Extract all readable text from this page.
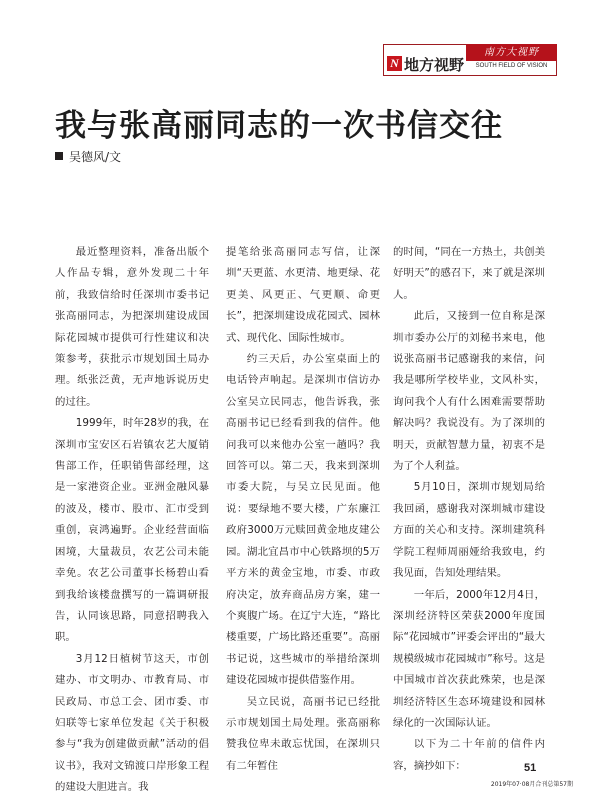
N 地方视野
南方大视野
SOUTH FIELD OF VISION
我与张高丽同志的一次书信交往
吴德风/文

最近整理资料，准备出版个人作品专辑，意外发现二十年前，我致信给时任深圳市委书记张高丽同志，为把深圳建设成国际花园城市提供可行性建议和决策参考，获批示市规划国土局办理。纸张泛黄，无声地诉说历史的过往。

1999年，时年28岁的我，在深圳市宝安区石岩镇农艺大厦销售部工作，任职销售部经理，这是一家港资企业。亚洲金融风暴的波及，楼市、股市、汇市受到重创，哀鸿遍野。企业经营面临困境，大量裁员，农艺公司未能幸免。农艺公司董事长杨碧山看到我给该楼盘撰写的一篇调研报告，认同该思路，同意招聘我入职。

3月12日植树节这天，市创建办、市文明办、市教育局、市民政局、市总工会、团市委、市妇联等七家单位发起《关于积极参与“我为创建做贡献”活动的倡议书》，我对文锦渡口岸形象工程的建设大胆进言。我

提笔给张高丽同志写信，让深圳“天更蓝、水更清、地更绿、花更美、风更正、气更顺、命更长”，把深圳建设成花园式、园林式、现代化、国际性城市。

约三天后，办公室桌面上的电话铃声响起。是深圳市信访办公室吴立民同志，他告诉我，张高丽书记已经看到我的信件。他问我可以来他办公室一趟吗？我回答可以。第二天，我来到深圳市委大院，与吴立民见面。他说：要绿地不要大楼，广东廉江政府3000万元赎回黄金地皮建公园。湖北宜昌市中心铁路坝的5万平方米的黄金宝地，市委、市政府决定，放弃商品房方案，建一个爽腹广场。在辽宁大连，“路比楼重要，广场比路还重要”。高丽书记说，这些城市的举措给深圳建设花园城市提供借鉴作用。

吴立民说，高丽书记已经批示市规划国土局处理。张高丽称赞我位卑未敢忘忧国，在深圳只有二年暂住

的时间，“同在一方热土，共创美好明天”的感召下，来了就是深圳人。

此后，又接到一位自称是深圳市委办公厅的刘秘书来电，他说张高丽书记感谢我的来信，问我是哪所学校毕业，文风朴实，询问我个人有什么困难需要帮助解决吗？我说没有。为了深圳的明天，贡献智慧力量，初衷不是为了个人利益。

5月10日，深圳市规划局给我回函，感谢我对深圳城市建设方面的关心和支持。深圳建筑科学院工程师周丽娅给我致电，约我见面，告知处理结果。

一年后，2000年12月4日，深圳经济特区荣获2000年度国际“花园城市”评委会评出的“最大规模级城市花园城市”称号。这是中国城市首次获此殊荣，也是深圳经济特区生态环境建设和园林绿化的一次国际认证。

以下为二十年前的信件内容，摘抄如下：	51
2019年07·08月合刊总第57期
